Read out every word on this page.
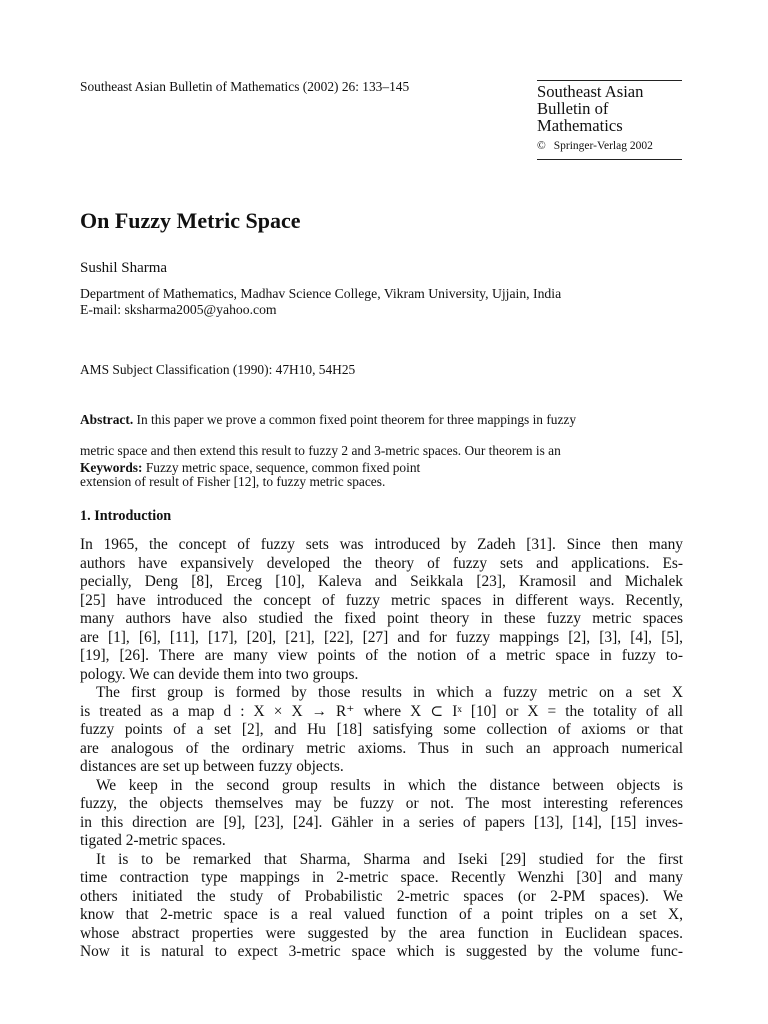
Southeast Asian Bulletin of Mathematics (2002) 26: 133–145	Southeast Asian
Bulletin of
Mathematics
© Springer-Verlag 2002
On Fuzzy Metric Space
Sushil Sharma
Department of Mathematics, Madhav Science College, Vikram University, Ujjain, India
E-mail: sksharma2005@yahoo.com
AMS Subject Classification (1990): 47H10, 54H25

Abstract. In this paper we prove a common fixed point theorem for three mappings in fuzzy

metric space and then extend this result to fuzzy 2 and 3-metric spaces. Our theorem is an

extension of result of Fisher [12], to fuzzy metric spaces.

Keywords: Fuzzy metric space, sequence, common fixed point
1. Introduction
In 1965, the concept of fuzzy sets was introduced by Zadeh [31]. Since then many
authors have expansively developed the theory of fuzzy sets and applications. Es-
pecially, Deng [8], Erceg [10], Kaleva and Seikkala [23], Kramosil and Michalek
[25] have introduced the concept of fuzzy metric spaces in different ways. Recently,
many authors have also studied the fixed point theory in these fuzzy metric spaces
are [1], [6], [11], [17], [20], [21], [22], [27] and for fuzzy mappings [2], [3], [4], [5],
[19], [26]. There are many view points of the notion of a metric space in fuzzy to-
pology. We can devide them into two groups.
The first group is formed by those results in which a fuzzy metric on a set X
is treated as a map d : X × X → R⁺ where X ⊂ Iˣ [10] or X = the totality of all
fuzzy points of a set [2], and Hu [18] satisfying some collection of axioms or that
are analogous of the ordinary metric axioms. Thus in such an approach numerical
distances are set up between fuzzy objects.
We keep in the second group results in which the distance between objects is
fuzzy, the objects themselves may be fuzzy or not. The most interesting references
in this direction are [9], [23], [24]. Gähler in a series of papers [13], [14], [15] inves-
tigated 2-metric spaces.
It is to be remarked that Sharma, Sharma and Iseki [29] studied for the first
time contraction type mappings in 2-metric space. Recently Wenzhi [30] and many
others initiated the study of Probabilistic 2-metric spaces (or 2-PM spaces). We
know that 2-metric space is a real valued function of a point triples on a set X,
whose abstract properties were suggested by the area function in Euclidean spaces.
Now it is natural to expect 3-metric space which is suggested by the volume func-
